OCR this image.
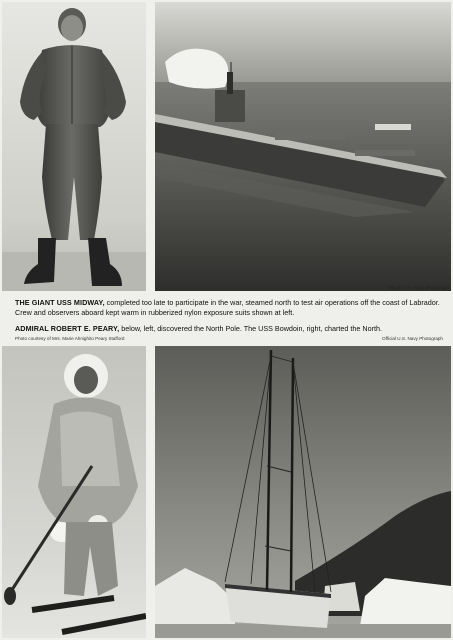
Official U. S. Navy photograph
THE GIANT USS MIDWAY, completed too late to participate in the war, steamed north to test air operations off the coast of Labrador. Crew and observers aboard kept warm in rubberized nylon exposure suits shown at left.
ADMIRAL ROBERT E. PEARY, below, left, discovered the North Pole. The USS Bowdoin, right, charted the North.
Photo courtesy of Mrs. Marie Ahnighito Peary Stafford	Official U.S. Navy Photograph
